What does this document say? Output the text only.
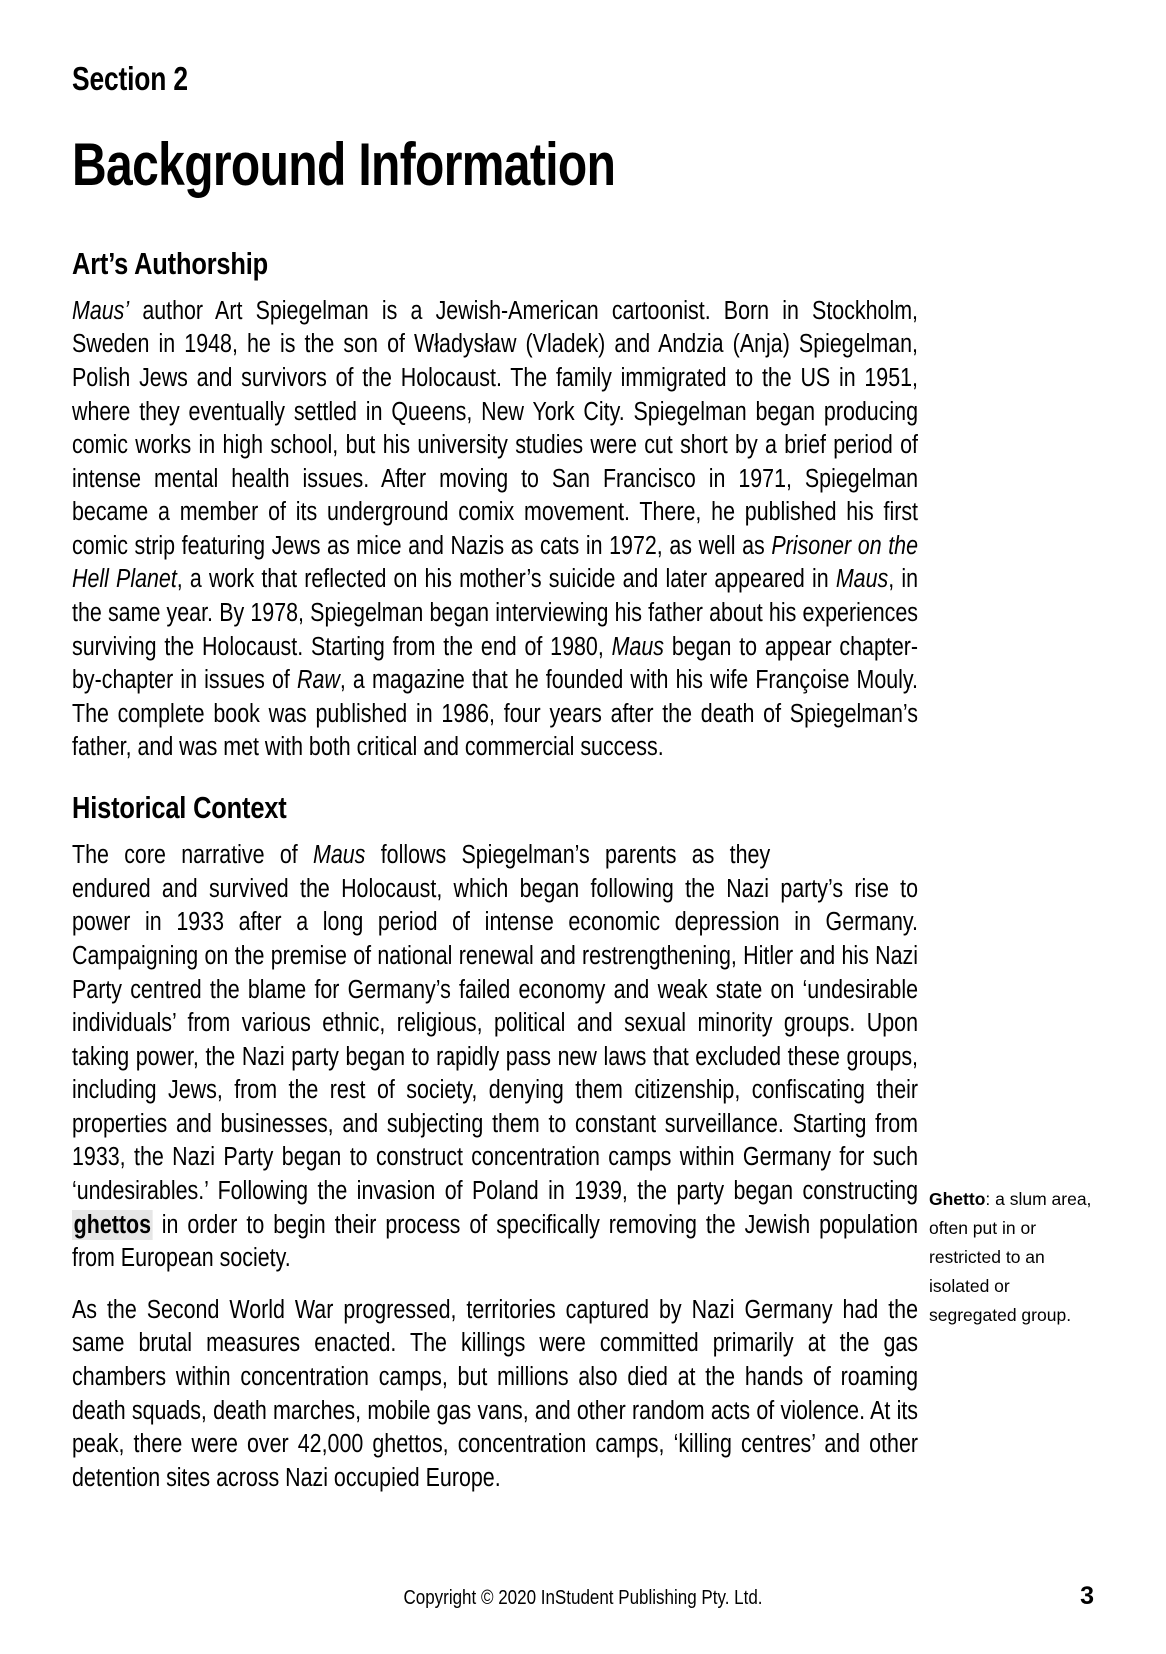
Section 2
Background Information
Art’s Authorship

Maus’ author Art Spiegelman is a Jewish-American cartoonist. Born in Stockholm, Sweden in 1948, he is the son of Władysław (Vladek) and Andzia (Anja) Spiegelman, Polish Jews and survivors of the Holocaust. The family immigrated to the US in 1951, where they eventually settled in Queens, New York City. Spiegelman began producing comic works in high school, but his university studies were cut short by a brief period of intense mental health issues. After moving to San Francisco in 1971, Spiegelman became a member of its underground comix movement. There, he published his first comic strip featuring Jews as mice and Nazis as cats in 1972, as well as Prisoner on the Hell Planet, a work that reflected on his mother’s suicide and later appeared in Maus, in the same year. By 1978, Spiegelman began interviewing his father about his experiences surviving the Holocaust. Starting from the end of 1980, Maus began to appear chapter-by-chapter in issues of Raw, a magazine that he founded with his wife Françoise Mouly. The complete book was published in 1986, four years after the death of Spiegelman’s father, and was met with both critical and commercial success.

Historical Context

The core narrative of Maus follows Spiegelman’s parents as they endured and survived the Holocaust, which began following the Nazi party’s rise to power in 1933 after a long period of intense economic depression in Germany. Campaigning on the premise of national renewal and restrengthening, Hitler and his Nazi Party centred the blame for Germany’s failed economy and weak state on ‘undesirable individuals’ from various ethnic, religious, political and sexual minority groups. Upon taking power, the Nazi party began to rapidly pass new laws that excluded these groups, including Jews, from the rest of society, denying them citizenship, confiscating their properties and businesses, and subjecting them to constant surveillance. Starting from 1933, the Nazi Party began to construct concentration camps within Germany for such ‘undesirables.’ Following the invasion of Poland in 1939, the party began constructing ghettos in order to begin their process of specifically removing the Jewish population from European society.

As the Second World War progressed, territories captured by Nazi Germany had the same brutal measures enacted. The killings were committed primarily at the gas chambers within concentration camps, but millions also died at the hands of roaming death squads, death marches, mobile gas vans, and other random acts of violence. At its peak, there were over 42,000 ghettos, concentration camps, ‘killing centres’ and other detention sites across Nazi occupied Europe.

Ghetto: a slum area, often put in or restricted to an isolated or segregated group.
Copyright © 2020 InStudent Publishing Pty. Ltd.	3
